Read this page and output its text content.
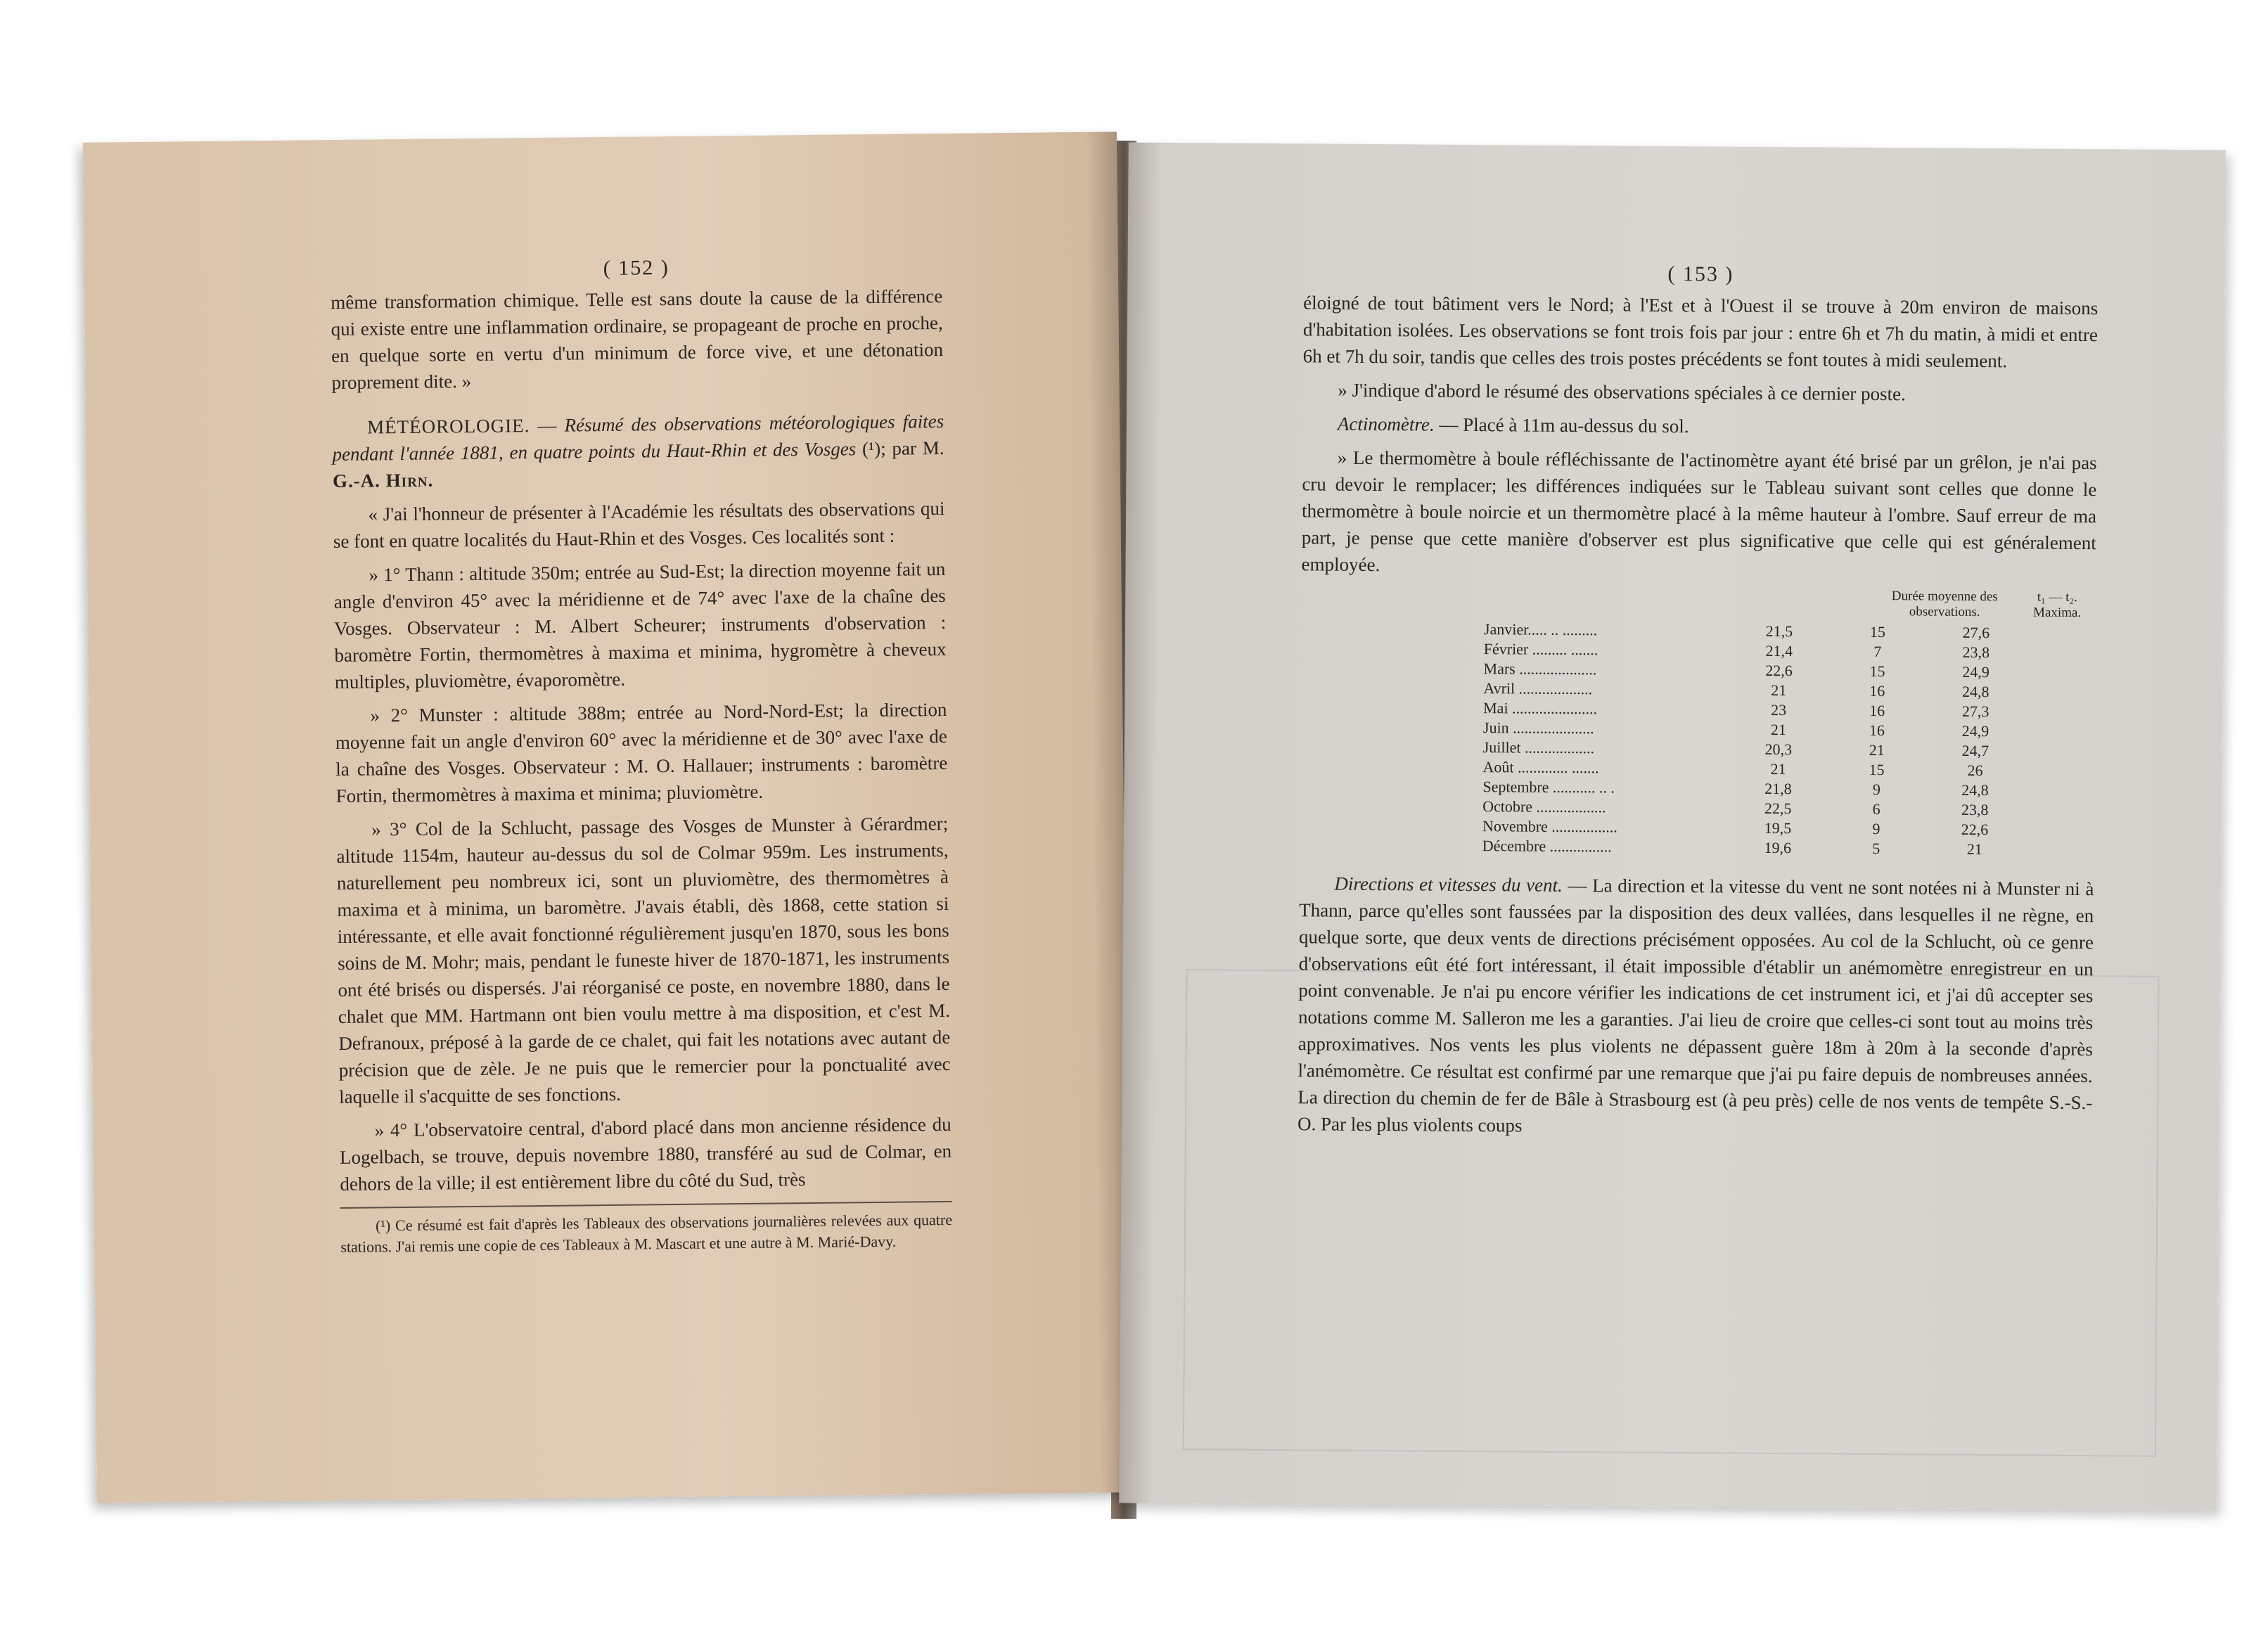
( 152 )

même transformation chimique. Telle est sans doute la cause de la différence qui existe entre une inflammation ordinaire, se propageant de proche en proche, en quelque sorte en vertu d'un minimum de force vive, et une détonation proprement dite. »

MÉTÉOROLOGIE. — Résumé des observations météorologiques faites pendant l'année 1881, en quatre points du Haut-Rhin et des Vosges (¹); par M. G.-A. Hirn.

« J'ai l'honneur de présenter à l'Académie les résultats des observations qui se font en quatre localités du Haut-Rhin et des Vosges. Ces localités sont :

» 1° Thann : altitude 350m; entrée au Sud-Est; la direction moyenne fait un angle d'environ 45° avec la méridienne et de 74° avec l'axe de la chaîne des Vosges. Observateur : M. Albert Scheurer; instruments d'observation : baromètre Fortin, thermomètres à maxima et minima, hygromètre à cheveux multiples, pluviomètre, évaporomètre.

» 2° Munster : altitude 388m; entrée au Nord-Nord-Est; la direction moyenne fait un angle d'environ 60° avec la méridienne et de 30° avec l'axe de la chaîne des Vosges. Observateur : M. O. Hallauer; instruments : baromètre Fortin, thermomètres à maxima et minima; pluviomètre.

» 3° Col de la Schlucht, passage des Vosges de Munster à Gérardmer; altitude 1154m, hauteur au-dessus du sol de Colmar 959m. Les instruments, naturellement peu nombreux ici, sont un pluviomètre, des thermomètres à maxima et à minima, un baromètre. J'avais établi, dès 1868, cette station si intéressante, et elle avait fonctionné régulièrement jusqu'en 1870, sous les bons soins de M. Mohr; mais, pendant le funeste hiver de 1870-1871, les instruments ont été brisés ou dispersés. J'ai réorganisé ce poste, en novembre 1880, dans le chalet que MM. Hartmann ont bien voulu mettre à ma disposition, et c'est M. Defranoux, préposé à la garde de ce chalet, qui fait les notations avec autant de précision que de zèle. Je ne puis que le remercier pour la ponctualité avec laquelle il s'acquitte de ses fonctions.

» 4° L'observatoire central, d'abord placé dans mon ancienne résidence du Logelbach, se trouve, depuis novembre 1880, transféré au sud de Colmar, en dehors de la ville; il est entièrement libre du côté du Sud, très

(¹) Ce résumé est fait d'après les Tableaux des observations journalières relevées aux quatre stations. J'ai remis une copie de ces Tableaux à M. Mascart et une autre à M. Marié-Davy.

( 153 )

éloigné de tout bâtiment vers le Nord; à l'Est et à l'Ouest il se trouve à 20m environ de maisons d'habitation isolées. Les observations se font trois fois par jour : entre 6h et 7h du matin, à midi et entre 6h et 7h du soir, tandis que celles des trois postes précédents se font toutes à midi seulement.

» J'indique d'abord le résumé des observations spéciales à ce dernier poste.

Actinomètre. — Placé à 11m au-dessus du sol.

» Le thermomètre à boule réfléchissante de l'actinomètre ayant été brisé par un grêlon, je n'ai pas cru devoir le remplacer; les différences indiquées sur le Tableau suivant sont celles que donne le thermomètre à boule noircie et un thermomètre placé à la même hauteur à l'ombre. Sauf erreur de ma part, je pense que cette manière d'observer est plus significative que celle qui est généralement employée.

Durée moyenne des observations.
t₁ — t₂. Maxima.
Janvier..... .. .........	21,5	15	27,6
Février ......... .......	21,4	7	23,8
Mars ....................	22,6	15	24,9
Avril ...................	21	16	24,8
Mai ......................	23	16	27,3
Juin .....................	21	16	24,9
Juillet ..................	20,3	21	24,7
Août ............. .......	21	15	26
Septembre ........... .. .	21,8	9	24,8
Octobre ..................	22,5	6	23,8
Novembre .................	19,5	9	22,6
Décembre ................	19,6	5	21

Directions et vitesses du vent. — La direction et la vitesse du vent ne sont notées ni à Munster ni à Thann, parce qu'elles sont faussées par la disposition des deux vallées, dans lesquelles il ne règne, en quelque sorte, que deux vents de directions précisément opposées. Au col de la Schlucht, où ce genre d'observations eût été fort intéressant, il était impossible d'établir un anémomètre enregistreur en un point convenable. Je n'ai pu encore vérifier les indications de cet instrument ici, et j'ai dû accepter ses notations comme M. Salleron me les a garanties. J'ai lieu de croire que celles-ci sont tout au moins très approximatives. Nos vents les plus violents ne dépassent guère 18m à 20m à la seconde d'après l'anémomètre. Ce résultat est confirmé par une remarque que j'ai pu faire depuis de nombreuses années. La direction du chemin de fer de Bâle à Strasbourg est (à peu près) celle de nos vents de tempête S.-S.-O. Par les plus violents coups
